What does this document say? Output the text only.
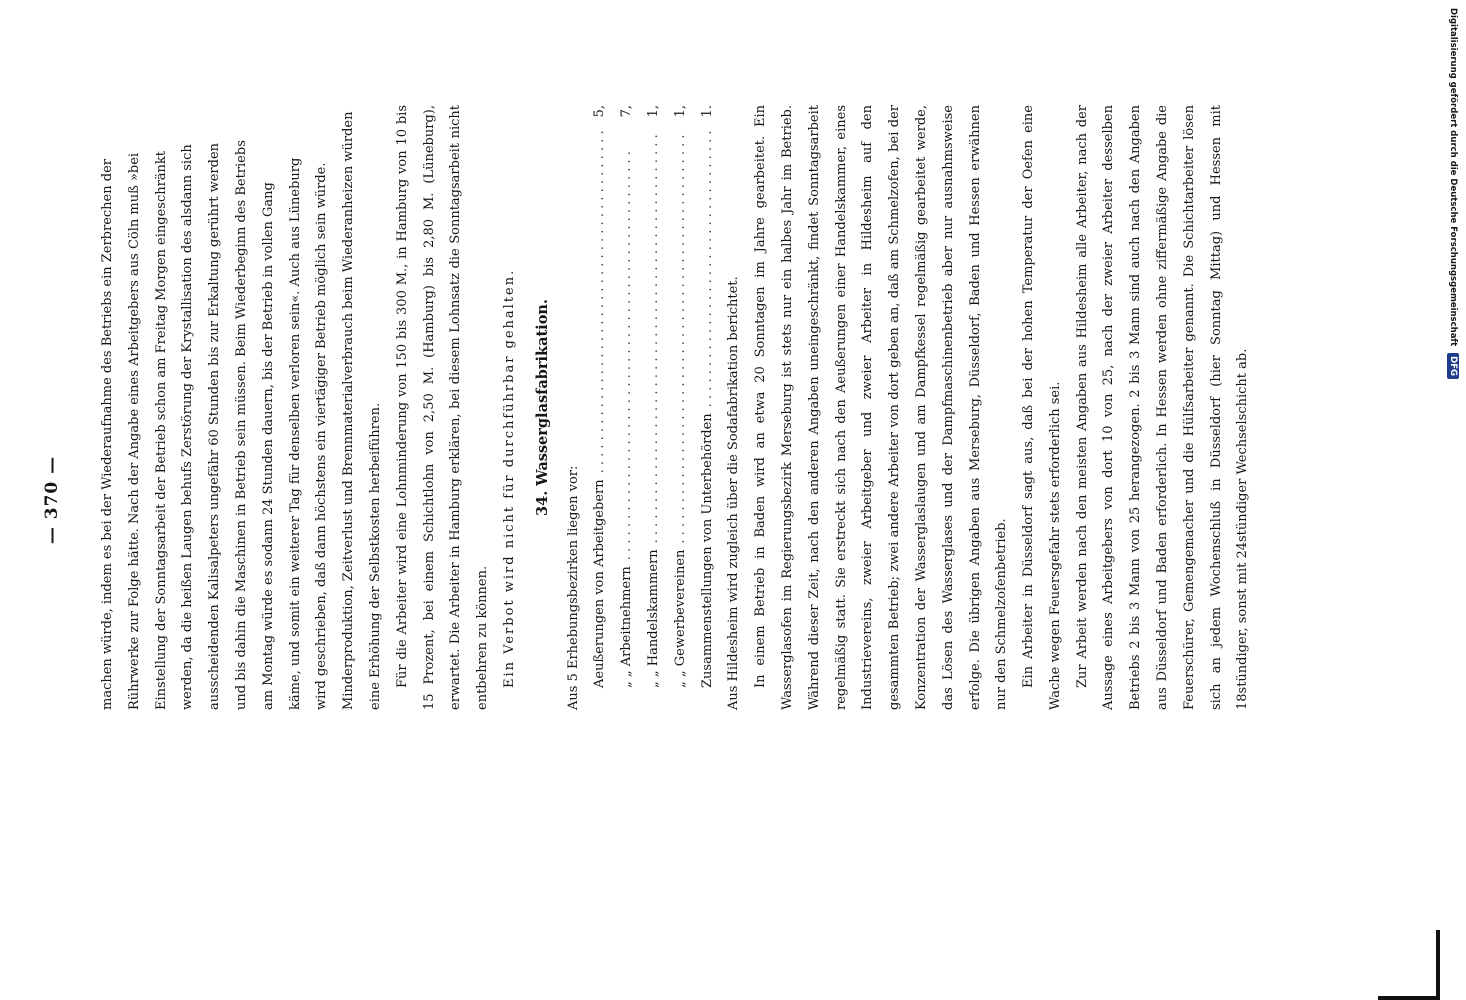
— 370 —	machen würde, indem es bei der Wiederaufnahme des Betriebs ein Zerbrechen der Rührwerke zur Folge hätte. Nach der Angabe eines Arbeitgebers aus Cöln muß »bei Einstellung der Sonntagsarbeit der Betrieb schon am Freitag Morgen eingeschränkt werden, da die heißen Laugen behufs Zerstörung der Krystallisation des alsdann sich ausscheidenden Kalisalpeters ungefähr 60 Stunden bis zur Erkaltung gerührt werden und bis dahin die Maschinen in Betrieb sein müssen. Beim Wiederbeginn des Betriebs am Montag würde es sodann 24 Stunden dauern, bis der Betrieb in vollen Gang käme, und somit ein weiterer Tag für denselben verloren sein«. Auch aus Lüneburg wird geschrieben, daß dann höchstens ein viertägiger Betrieb möglich sein würde. Minderproduktion, Zeitverlust und Brennmaterialverbrauch beim Wiederanheizen würden eine Erhöhung der Selbstkosten herbeiführen. Für die Arbeiter wird eine Lohnminderung von 150 bis 300 M., in Hamburg von 10 bis 15 Prozent, bei einem Schichtlohn von 2,50 M. (Hamburg) bis 2,80 M. (Lüneburg), erwartet. Die Arbeiter in Hamburg erklären, bei diesem Lohnsatz die Sonntagsarbeit nicht entbehren zu können. Ein Verbot wird nicht für durchführbar gehalten.	34. Wasserglasfabrikation.

Aus 5 Erhebungsbezirken liegen vor: Aeußerungen von Arbeitgebern
. . .
5,
„ „ Arbeitnehmern
. . .
7,
„ „ Handelskammern
. . .
1,
„ „ Gewerbevereinen
. . .
1,
Zusammenstellungen von Unterbehörden
. . .
1.

Aus Hildesheim wird zugleich über die Sodafabrikation berichtet. In einem Betrieb in Baden wird an etwa 20 Sonntagen im Jahre gearbeitet. Ein Wasserglasofen im Regierungsbezirk Merseburg ist stets nur ein halbes Jahr im Betrieb. Während dieser Zeit, nach den anderen Angaben uneingeschränkt, findet Sonntagsarbeit regelmäßig statt. Sie erstreckt sich nach den Aeußerungen einer Handelskammer, eines Industrievereins, zweier Arbeitgeber und zweier Arbeiter in Hildesheim auf den gesammten Betrieb; zwei andere Arbeiter von dort geben an, daß am Schmelzofen, bei der Konzentration der Wasserglaslaugen und am Dampfkessel regelmäßig gearbeitet werde, das Lösen des Wasserglases und der Dampfmaschinenbetrieb aber nur ausnahmsweise erfolge. Die übrigen Angaben aus Merseburg, Düsseldorf, Baden und Hessen erwähnen nur den Schmelzofenbetrieb. Ein Arbeiter in Düsseldorf sagt aus, daß bei der hohen Temperatur der Oefen eine Wache wegen Feuersgefahr stets erforderlich sei. Zur Arbeit werden nach den meisten Angaben aus Hildesheim alle Arbeiter, nach der Aussage eines Arbeitgebers von dort 10 von 25, nach der zweier Arbeiter desselben Betriebs 2 bis 3 Mann von 25 herangezogen. 2 bis 3 Mann sind auch nach den Angaben aus Düsseldorf und Baden erforderlich. In Hessen werden ohne ziffermäßige Angabe die Feuerschürer, Gemengemacher und die Hülfsarbeiter genannt. Die Schichtarbeiter lösen sich an jedem Wochenschluß in Düsseldorf (hier Sonntag Mittag) und Hessen mit 18stündiger, sonst mit 24stündiger Wechselschicht ab.

Digitalisierung gefördert durch die Deutsche Forschungsgemeinschaft DFG
